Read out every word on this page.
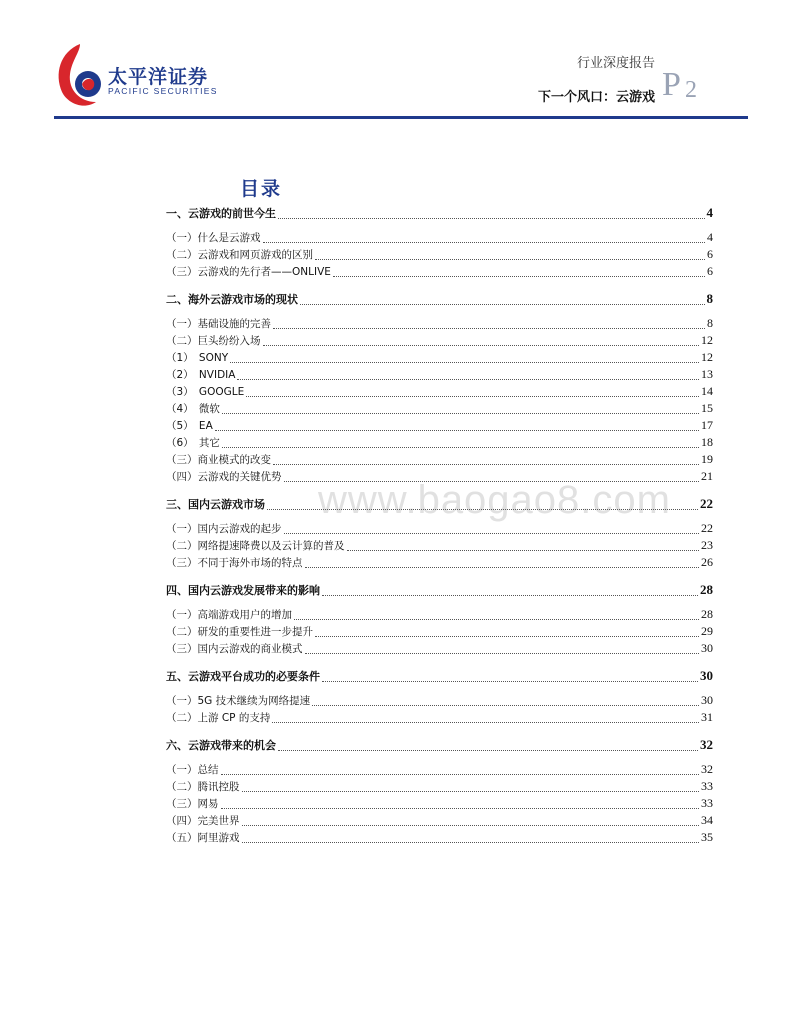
太平洋证券
PACIFIC SECURITIES
行业深度报告
下一个风口：云游戏 P 2
目录
一、云游戏的前世今生	4
（一）什么是云游戏	4
（二）云游戏和网页游戏的区别	6
（三）云游戏的先行者——ONLIVE	6
二、海外云游戏市场的现状	8
（一）基础设施的完善	8
（二）巨头纷纷入场	12
（1）　SONY	12
（2）　NVIDIA	13
（3）　GOOGLE	14
（4）　微软	15
（5）　EA	17
（6）　其它	18
（三）商业模式的改变	19
（四）云游戏的关键优势	21
三、国内云游戏市场	22
（一）国内云游戏的起步	22
（二）网络提速降费以及云计算的普及	23
（三）不同于海外市场的特点	26
四、国内云游戏发展带来的影响	28
（一）高端游戏用户的增加	28
（二）研发的重要性进一步提升	29
（三）国内云游戏的商业模式	30
五、云游戏平台成功的必要条件	30
（一）5G 技术继续为网络提速	30
（二）上游 CP 的支持	31
六、云游戏带来的机会	32
（一）总结	32
（二）腾讯控股	33
（三）网易	33
（四）完美世界	34
（五）阿里游戏	35
www.baogao8.com
